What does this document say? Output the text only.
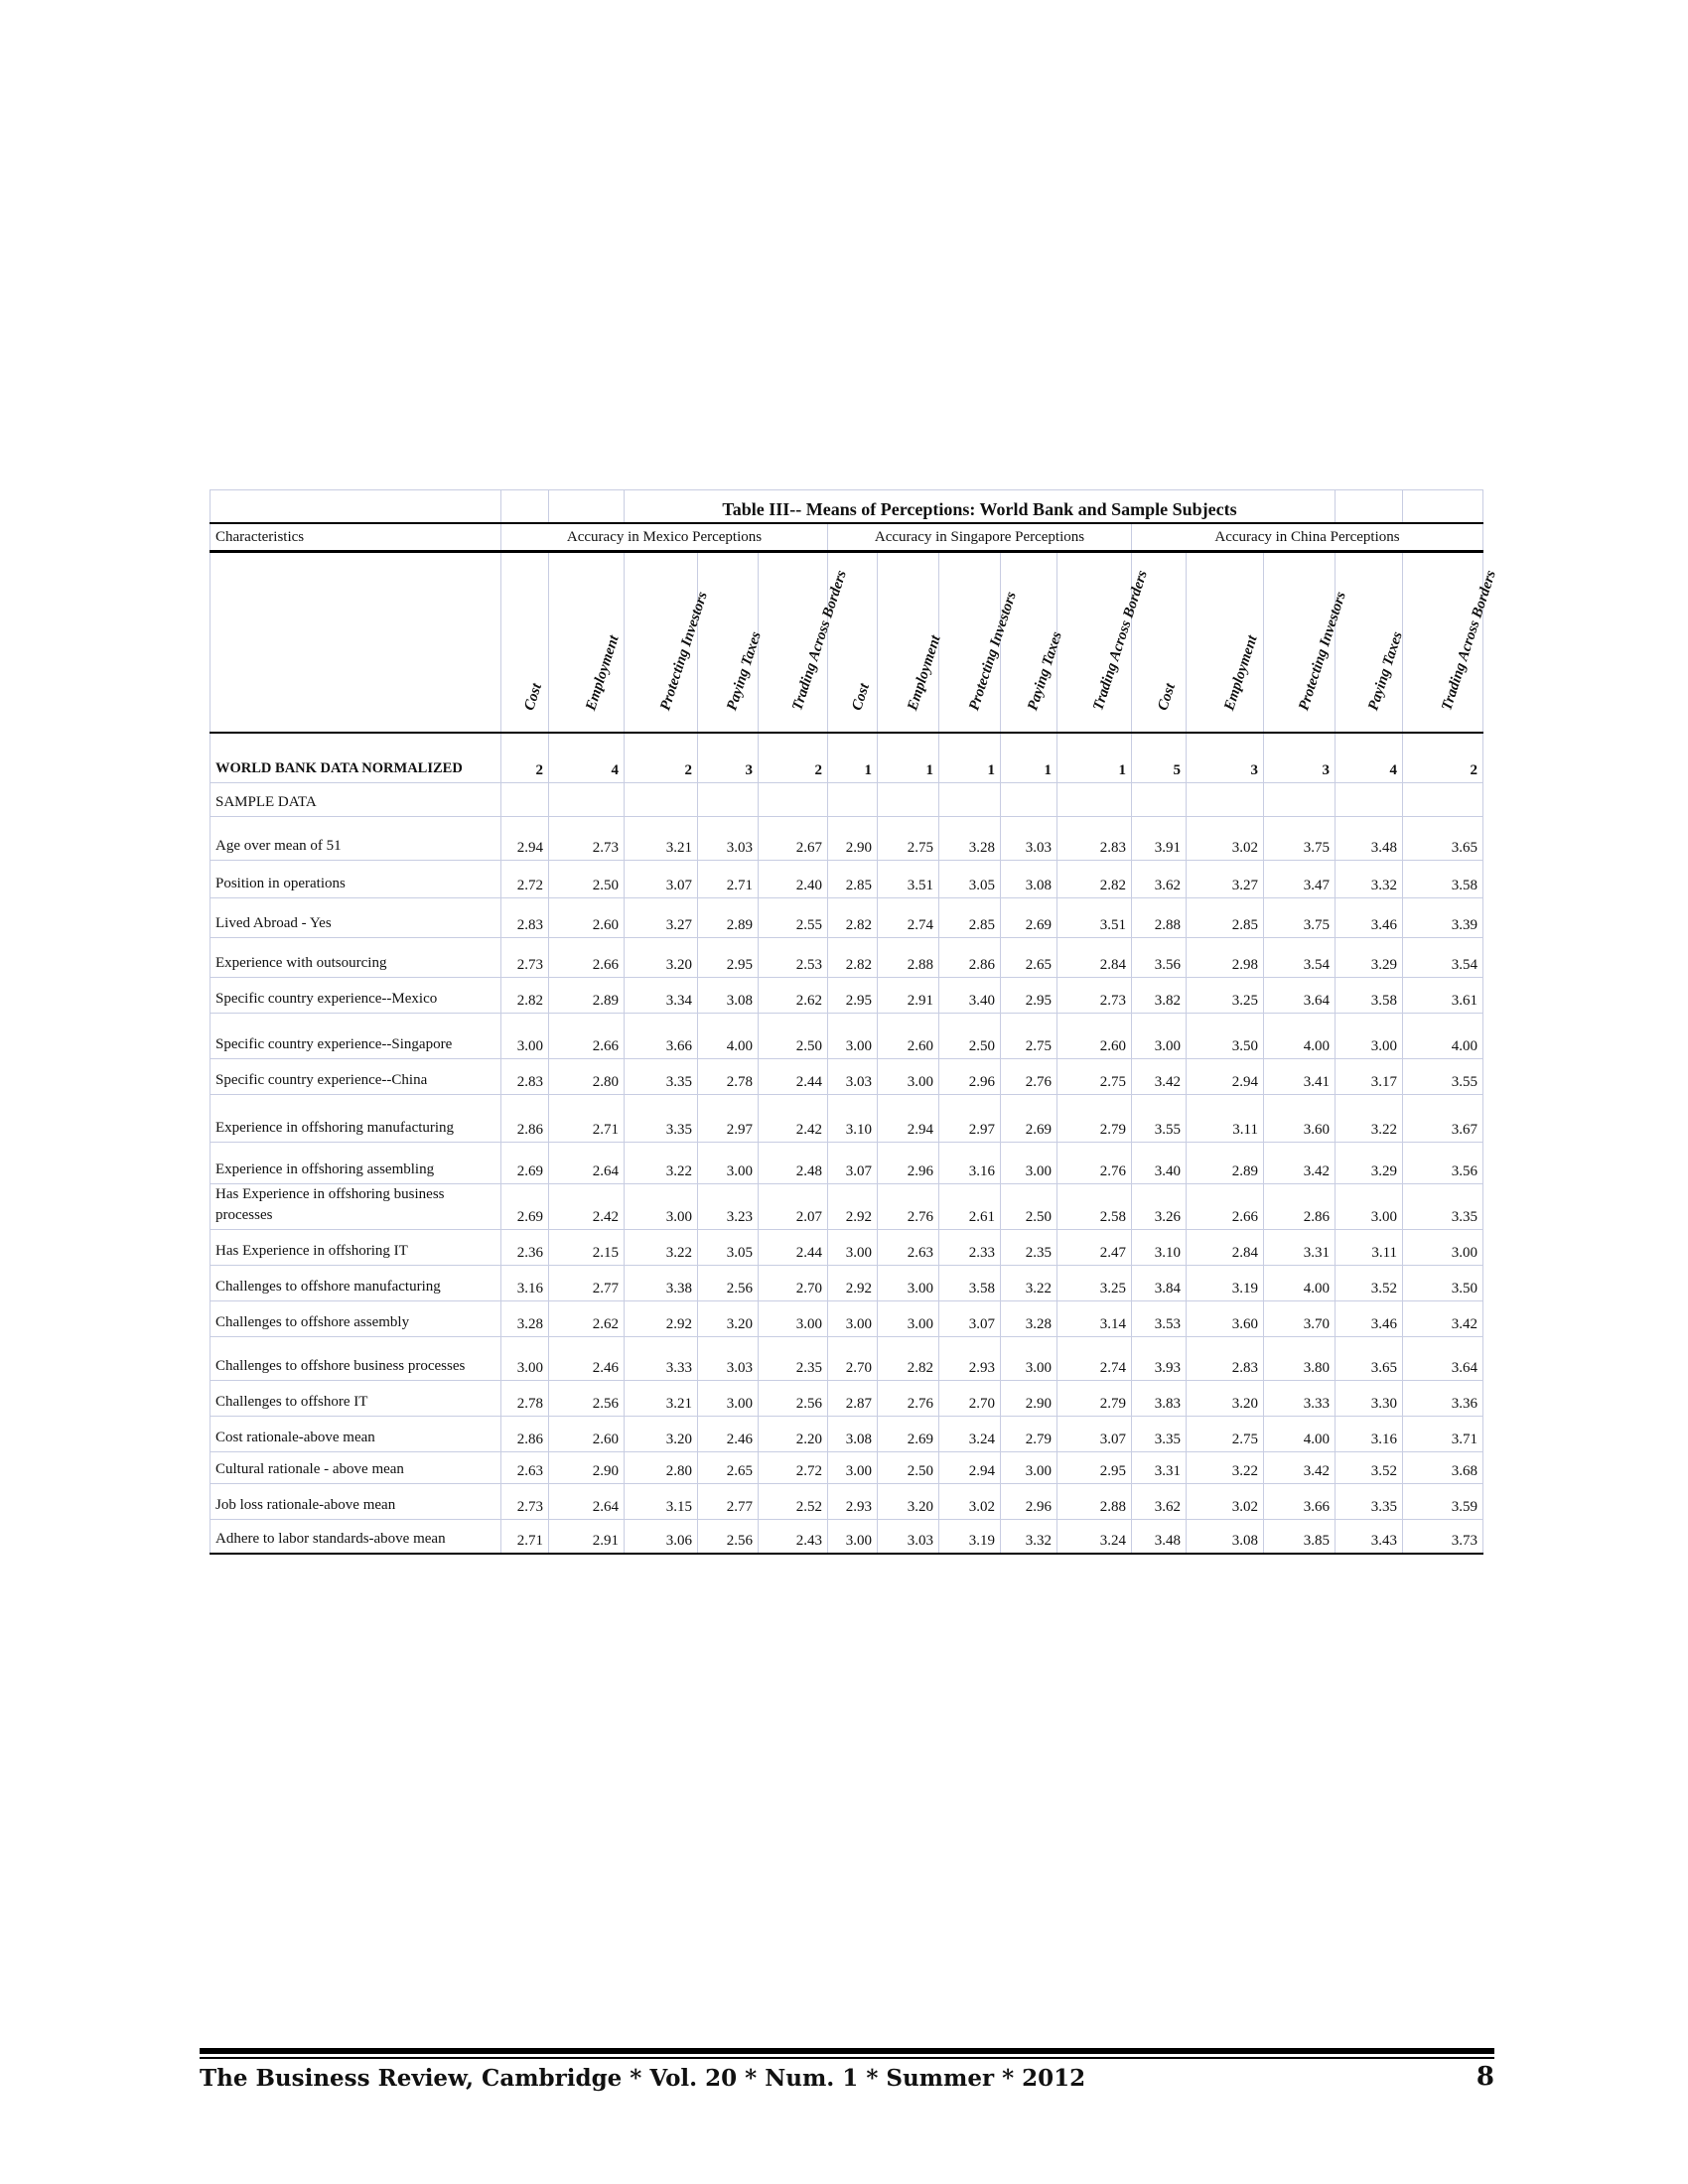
			Table III-- Means of Perceptions: World Bank and Sample Subjects												
Characteristics	Accuracy in Mexico Perceptions					Accuracy in Singapore Perceptions					Accuracy in China Perceptions				

	Cost	Employment	Protecting Investors	Paying Taxes	Trading Across Borders	Cost	Employment	Protecting Investors	Paying Taxes	Trading Across Borders	Cost	Employment	Protecting Investors	Paying Taxes	Trading Across Borders

WORLD BANK DATA NORMALIZED	2	4	2	3	2	1	1	1	1	1	5	3	3	4	2
SAMPLE DATA															
Age over mean of 51	2.94	2.73	3.21	3.03	2.67	2.90	2.75	3.28	3.03	2.83	3.91	3.02	3.75	3.48	3.65
Position in operations	2.72	2.50	3.07	2.71	2.40	2.85	3.51	3.05	3.08	2.82	3.62	3.27	3.47	3.32	3.58
Lived Abroad - Yes	2.83	2.60	3.27	2.89	2.55	2.82	2.74	2.85	2.69	3.51	2.88	2.85	3.75	3.46	3.39
Experience with outsourcing	2.73	2.66	3.20	2.95	2.53	2.82	2.88	2.86	2.65	2.84	3.56	2.98	3.54	3.29	3.54
Specific country experience--Mexico	2.82	2.89	3.34	3.08	2.62	2.95	2.91	3.40	2.95	2.73	3.82	3.25	3.64	3.58	3.61
Specific country experience--Singapore	3.00	2.66	3.66	4.00	2.50	3.00	2.60	2.50	2.75	2.60	3.00	3.50	4.00	3.00	4.00
Specific country experience--China	2.83	2.80	3.35	2.78	2.44	3.03	3.00	2.96	2.76	2.75	3.42	2.94	3.41	3.17	3.55
Experience in offshoring manufacturing	2.86	2.71	3.35	2.97	2.42	3.10	2.94	2.97	2.69	2.79	3.55	3.11	3.60	3.22	3.67
Experience in offshoring assembling	2.69	2.64	3.22	3.00	2.48	3.07	2.96	3.16	3.00	2.76	3.40	2.89	3.42	3.29	3.56
Has Experience in offshoring business processes	2.69	2.42	3.00	3.23	2.07	2.92	2.76	2.61	2.50	2.58	3.26	2.66	2.86	3.00	3.35
Has Experience in offshoring IT	2.36	2.15	3.22	3.05	2.44	3.00	2.63	2.33	2.35	2.47	3.10	2.84	3.31	3.11	3.00
Challenges to offshore manufacturing	3.16	2.77	3.38	2.56	2.70	2.92	3.00	3.58	3.22	3.25	3.84	3.19	4.00	3.52	3.50
Challenges to offshore assembly	3.28	2.62	2.92	3.20	3.00	3.00	3.00	3.07	3.28	3.14	3.53	3.60	3.70	3.46	3.42
Challenges to offshore business processes	3.00	2.46	3.33	3.03	2.35	2.70	2.82	2.93	3.00	2.74	3.93	2.83	3.80	3.65	3.64
Challenges to offshore IT	2.78	2.56	3.21	3.00	2.56	2.87	2.76	2.70	2.90	2.79	3.83	3.20	3.33	3.30	3.36
Cost rationale-above mean	2.86	2.60	3.20	2.46	2.20	3.08	2.69	3.24	2.79	3.07	3.35	2.75	4.00	3.16	3.71
Cultural rationale - above mean	2.63	2.90	2.80	2.65	2.72	3.00	2.50	2.94	3.00	2.95	3.31	3.22	3.42	3.52	3.68
Job loss rationale-above mean	2.73	2.64	3.15	2.77	2.52	2.93	3.20	3.02	2.96	2.88	3.62	3.02	3.66	3.35	3.59
Adhere to labor standards-above mean	2.71	2.91	3.06	2.56	2.43	3.00	3.03	3.19	3.32	3.24	3.48	3.08	3.85	3.43	3.73
The Business Review, Cambridge * Vol. 20 * Num. 1 * Summer * 2012	8
